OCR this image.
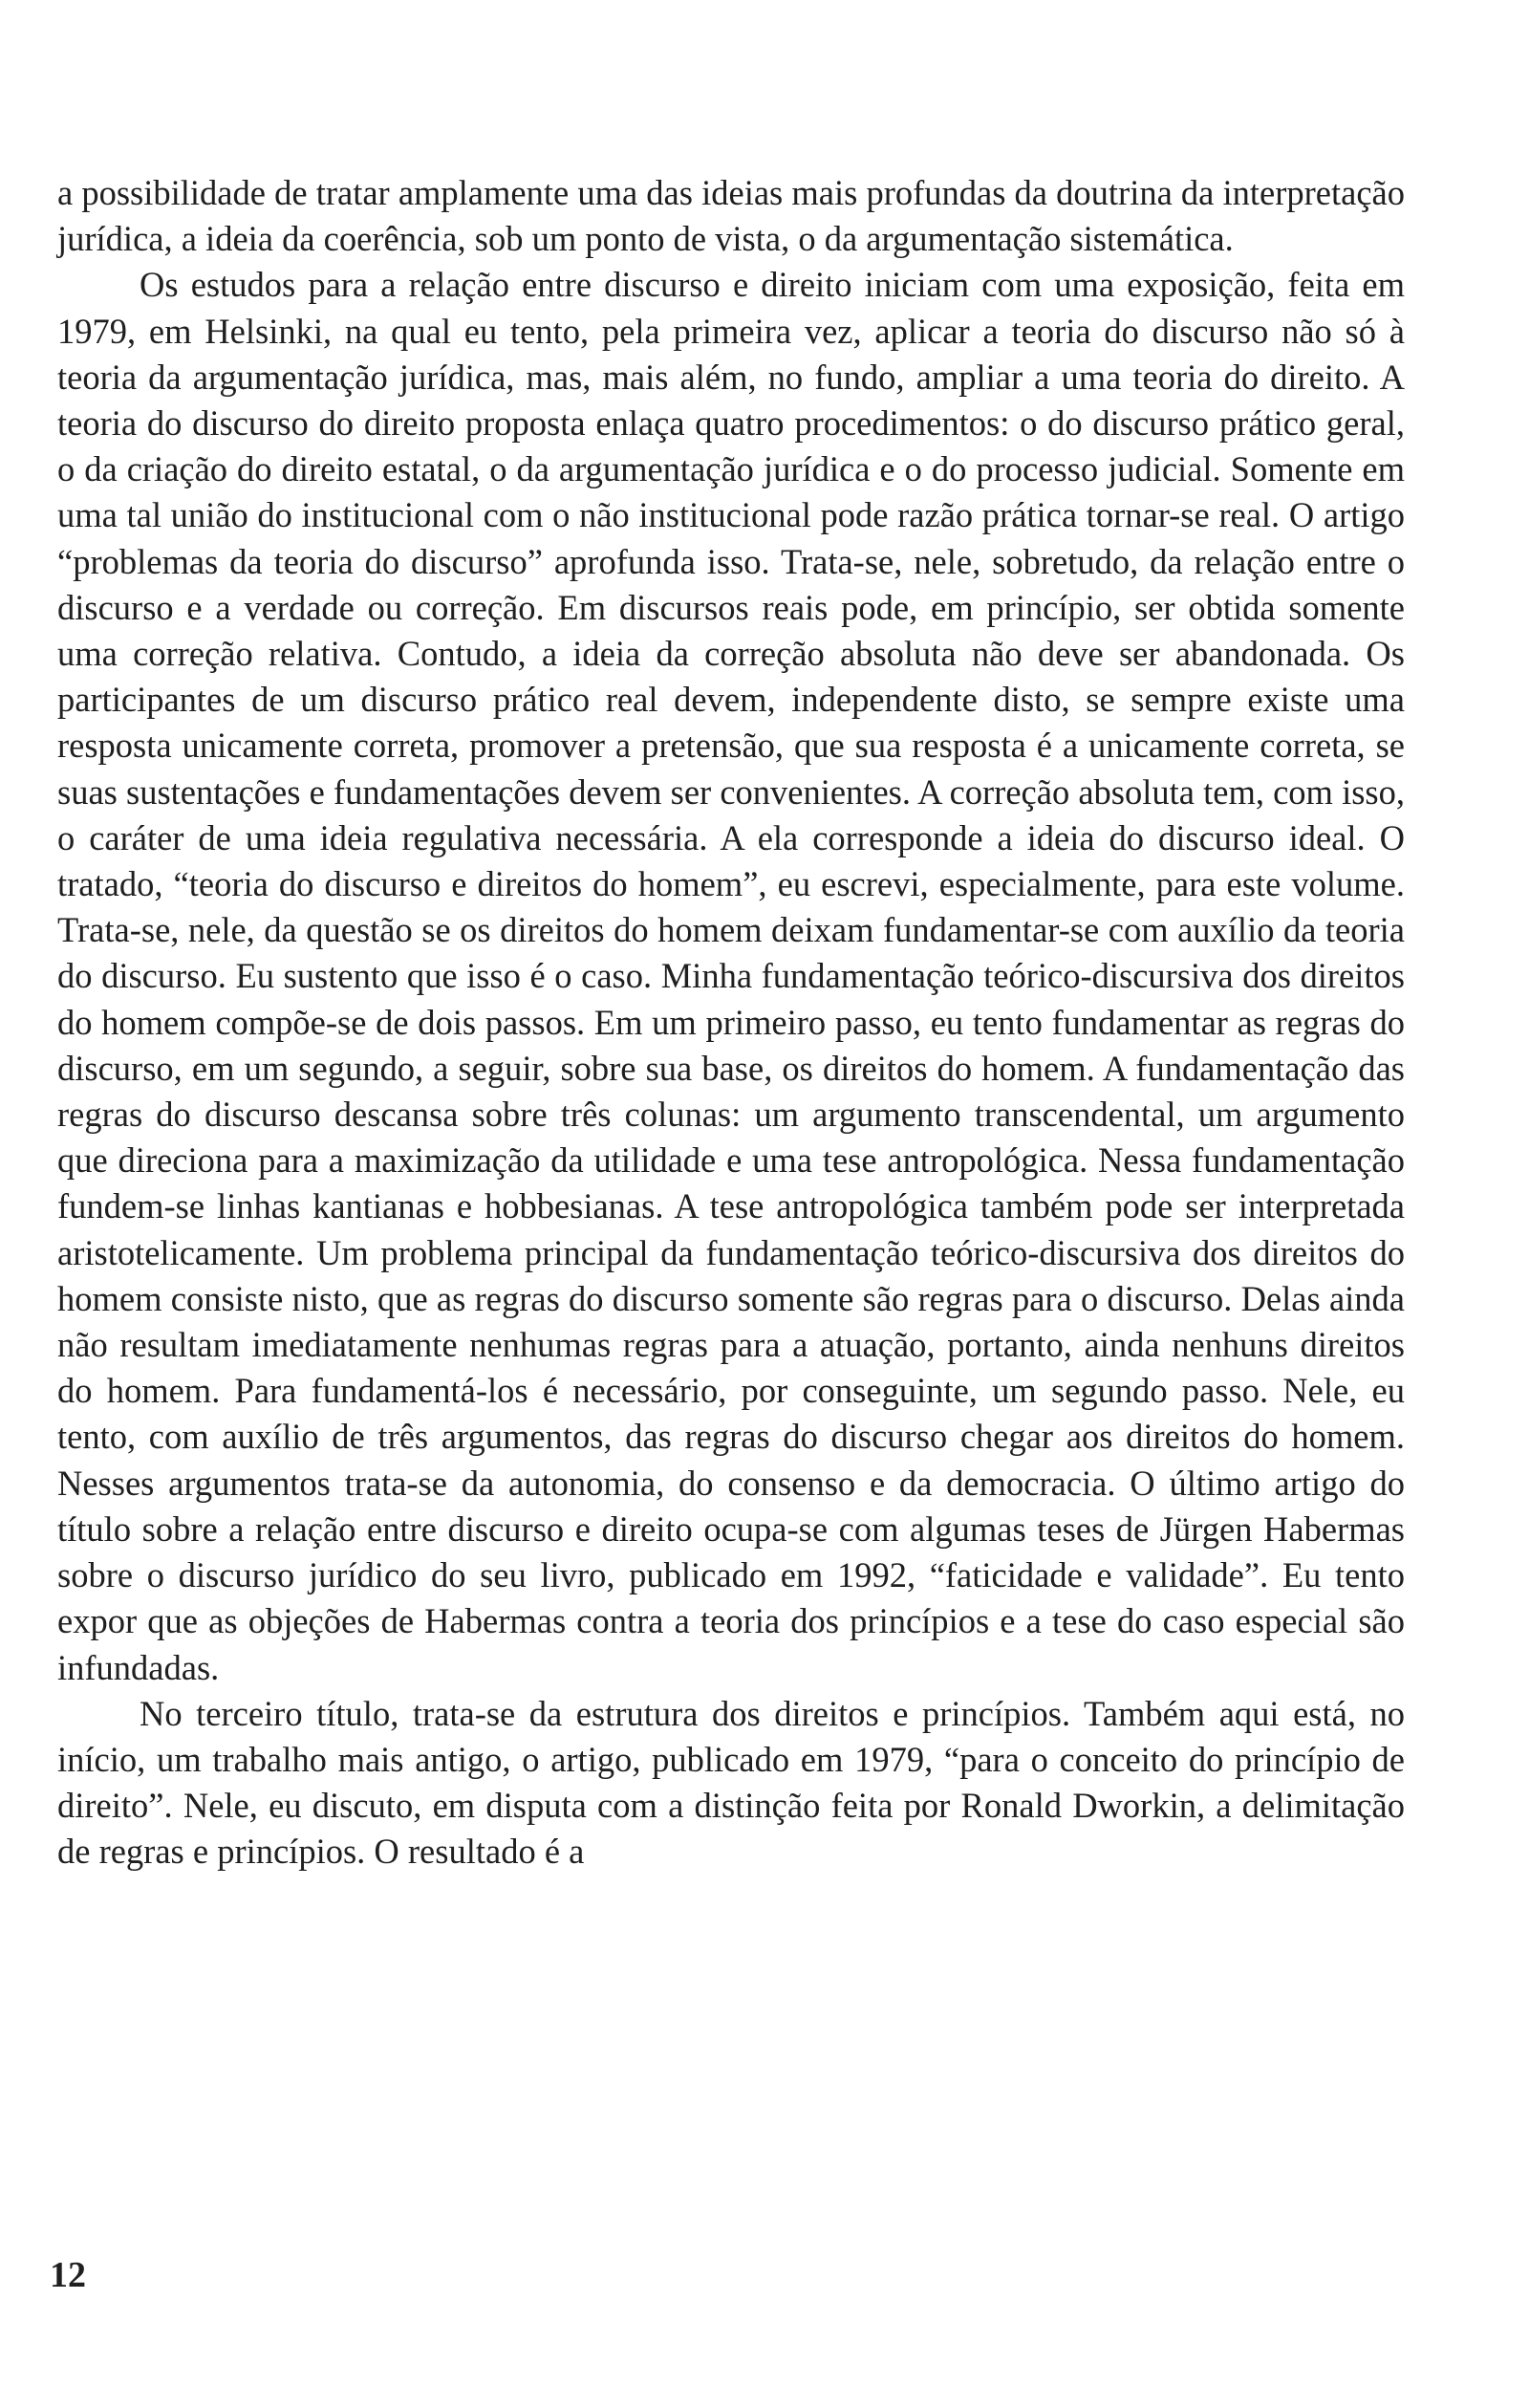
a possibilidade de tratar amplamente uma das ideias mais profundas da doutrina da interpretação jurídica, a ideia da coerência, sob um ponto de vista, o da argumentação sistemática.

Os estudos para a relação entre discurso e direito iniciam com uma exposição, feita em 1979, em Helsinki, na qual eu tento, pela primeira vez, aplicar a teoria do discurso não só à teoria da argumentação jurídica, mas, mais além, no fundo, ampliar a uma teoria do direito. A teoria do discurso do direito proposta enlaça quatro procedimentos: o do discurso prático geral, o da criação do direito estatal, o da argumentação jurídica e o do processo judicial. Somente em uma tal união do institucional com o não institucional pode razão prática tornar-se real. O artigo “problemas da teoria do discurso” aprofunda isso. Trata-se, nele, sobretudo, da relação entre o discurso e a verdade ou correção. Em discursos reais pode, em princípio, ser obtida somente uma correção relativa. Contudo, a ideia da correção absoluta não deve ser abandonada. Os participantes de um discurso prático real devem, independente disto, se sempre existe uma resposta unicamente correta, promover a pretensão, que sua resposta é a unicamente correta, se suas sustentações e fundamentações devem ser convenientes. A correção absoluta tem, com isso, o caráter de uma ideia regulativa necessária. A ela corresponde a ideia do discurso ideal. O tratado, “teoria do discurso e direitos do homem”, eu escrevi, especialmente, para este volume. Trata-se, nele, da questão se os direitos do homem deixam fundamentar-se com auxílio da teoria do discurso. Eu sustento que isso é o caso. Minha fundamentação teórico-discursiva dos direitos do homem compõe-se de dois passos. Em um primeiro passo, eu tento fundamentar as regras do discurso, em um segundo, a seguir, sobre sua base, os direitos do homem. A fundamentação das regras do discurso descansa sobre três colunas: um argumento transcendental, um argumento que direciona para a maximização da utilidade e uma tese antropológica. Nessa fundamentação fundem-se linhas kantianas e hobbesianas. A tese antropológica também pode ser interpretada aristotelicamente. Um problema principal da fundamentação teórico-discursiva dos direitos do homem consiste nisto, que as regras do discurso somente são regras para o discurso. Delas ainda não resultam imediatamente nenhumas regras para a atuação, portanto, ainda nenhuns direitos do homem. Para fundamentá-los é necessário, por conseguinte, um segundo passo. Nele, eu tento, com auxílio de três argumentos, das regras do discurso chegar aos direitos do homem. Nesses argumentos trata-se da autonomia, do consenso e da democracia. O último artigo do título sobre a relação entre discurso e direito ocupa-se com algumas teses de Jürgen Habermas sobre o discurso jurídico do seu livro, publicado em 1992, “faticidade e validade”. Eu tento expor que as objeções de Habermas contra a teoria dos princípios e a tese do caso especial são infundadas.

No terceiro título, trata-se da estrutura dos direitos e princípios. Também aqui está, no início, um trabalho mais antigo, o artigo, publicado em 1979, “para o conceito do princípio de direito”. Nele, eu discuto, em disputa com a distinção feita por Ronald Dworkin, a delimitação de regras e princípios. O resultado é a

12
